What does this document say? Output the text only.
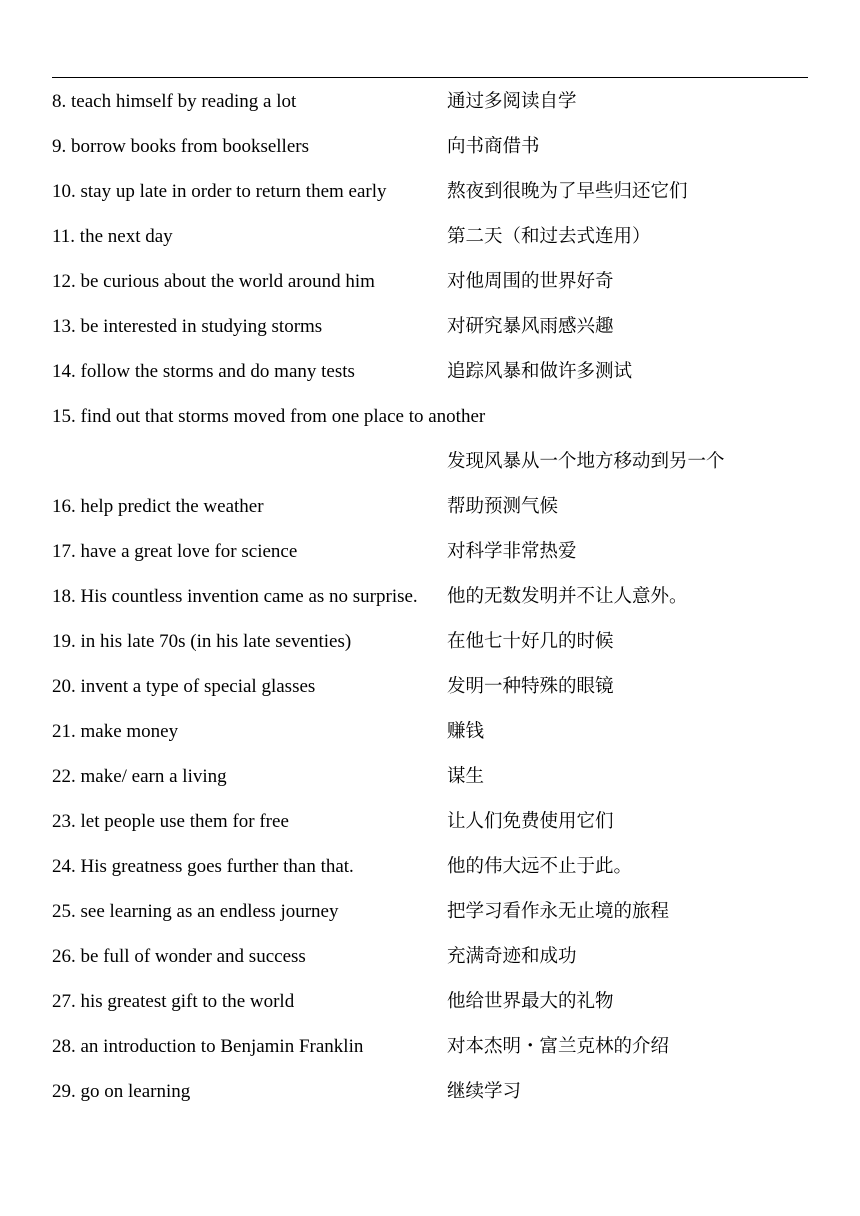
8. teach himself by reading a lot	通过多阅读自学
9. borrow books from booksellers	向书商借书
10. stay up late in order to return them early	熬夜到很晚为了早些归还它们
11. the next day	第二天（和过去式连用）
12. be curious about the world around him	对他周围的世界好奇
13. be interested in studying storms	对研究暴风雨感兴趣
14. follow the storms and do many tests	追踪风暴和做许多测试
15. find out that storms moved from one place to another
发现风暴从一个地方移动到另一个
16. help predict the weather	帮助预测气候
17. have a great love for science	对科学非常热爱
18. His countless invention came as no surprise. 他的无数发明并不让人意外。
19. in his late 70s (in his late seventies)	在他七十好几的时候
20. invent a type of special glasses	发明一种特殊的眼镜
21. make money	赚钱
22. make/ earn a living	谋生
23. let people use them for free	让人们免费使用它们
24. His greatness goes further than that.	他的伟大远不止于此。
25. see learning as an endless journey	把学习看作永无止境的旅程
26. be full of wonder and success	充满奇迹和成功
27. his greatest gift to the world	他给世界最大的礼物
28. an introduction to Benjamin Franklin	对本杰明・富兰克林的介绍
29. go on learning	继续学习
